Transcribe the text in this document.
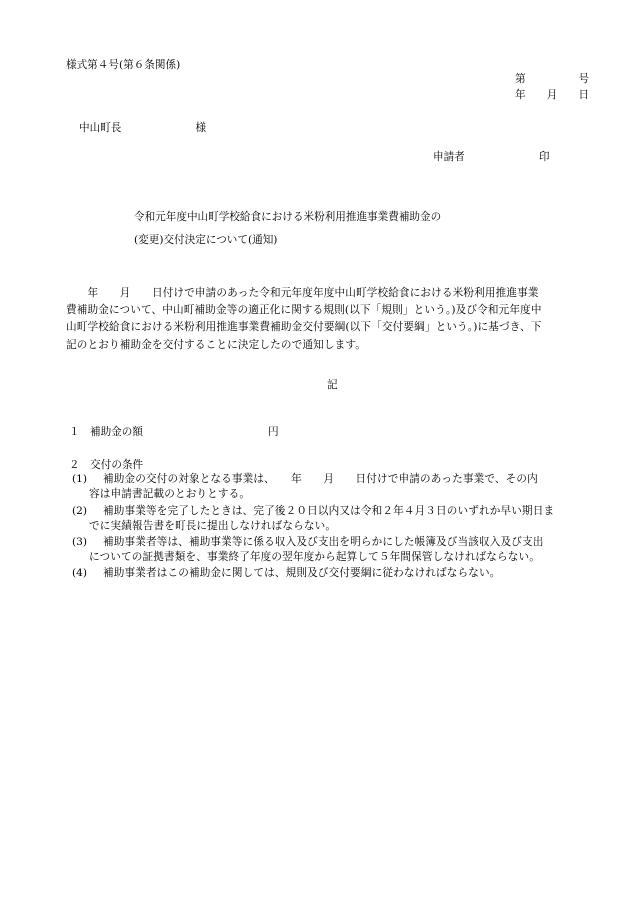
様式第４号(第６条関係)
第　　　　　号
年　　月　　日
中山町長　　　　　　　様
申請者　　　　　　　印
令和元年度中山町学校給食における米粉利用推進事業費補助金の
(変更)交付決定について(通知)
　　年　　月　　日付けで申請のあった令和元年度年度中山町学校給食における米粉利用推進事業
費補助金について、中山町補助金等の適正化に関する規則(以下「規則」という。)及び令和元年度中
山町学校給食における米粉利用推進事業費補助金交付要綱(以下「交付要綱」という。)に基づき、下
記のとおり補助金を交付することに決定したので通知します。
記
１ 補助金の額	円
２　交付の条件
(1) 補助金の交付の対象となる事業は、　　年　　月　　日付けで申請のあった事業で、その内
容は申請書記載のとおりとする。
(2) 補助事業等を完了したときは、完了後２０日以内又は令和２年４月３日のいずれか早い期日ま
でに実績報告書を町長に提出しなければならない。
(3) 補助事業者等は、補助事業等に係る収入及び支出を明らかにした帳簿及び当該収入及び支出
についての証拠書類を、事業終了年度の翌年度から起算して５年間保管しなければならない。
(4) 補助事業者はこの補助金に関しては、規則及び交付要綱に従わなければならない。
